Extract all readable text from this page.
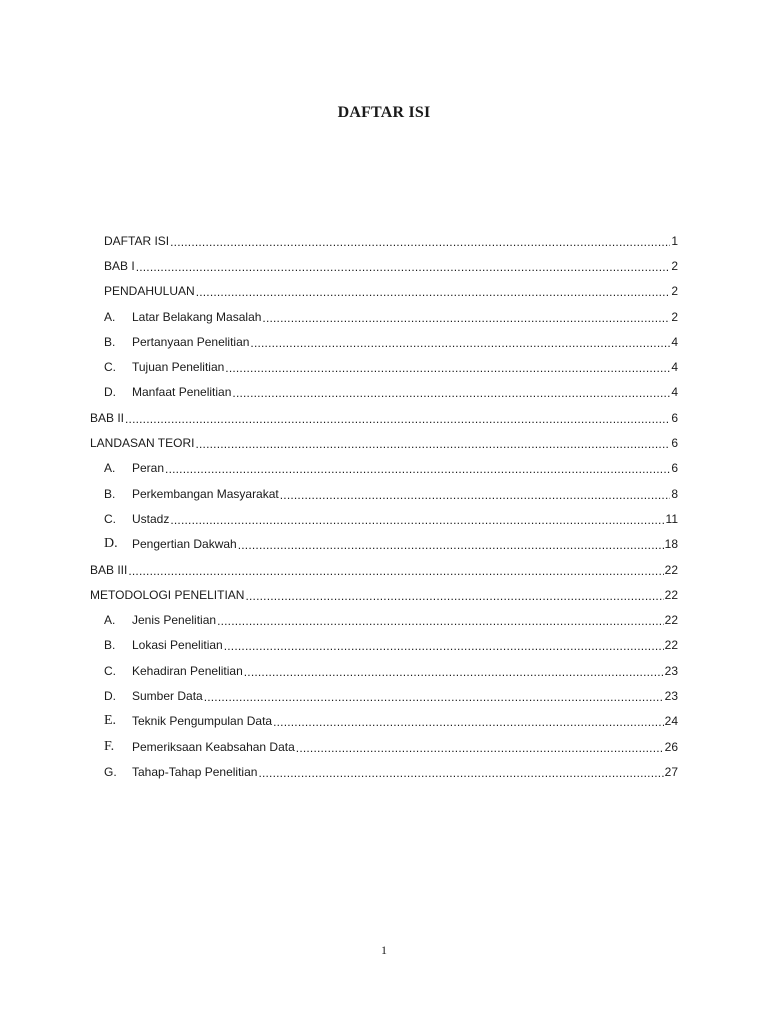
DAFTAR ISI
DAFTAR ISI .....	1
BAB I .....	2
PENDAHULUAN .....	2
A.	Latar Belakang Masalah .....	2
B.	Pertanyaan Penelitian .....	4
C.	Tujuan Penelitian .....	4
D.	Manfaat Penelitian .....	4
BAB II .....	6
LANDASAN TEORI .....	6
A.	Peran .....	6
B.	Perkembangan Masyarakat .....	8
C.	Ustadz .....	11
D.	Pengertian Dakwah .....	18
BAB III .....	22
METODOLOGI PENELITIAN .....	22
A.	Jenis Penelitian .....	22
B.	Lokasi Penelitian .....	22
C.	Kehadiran Penelitian .....	23
D.	Sumber Data .....	23
E.	Teknik Pengumpulan Data .....	24
F.	Pemeriksaan Keabsahan Data .....	26
G.	Tahap-Tahap Penelitian .....	27
1
